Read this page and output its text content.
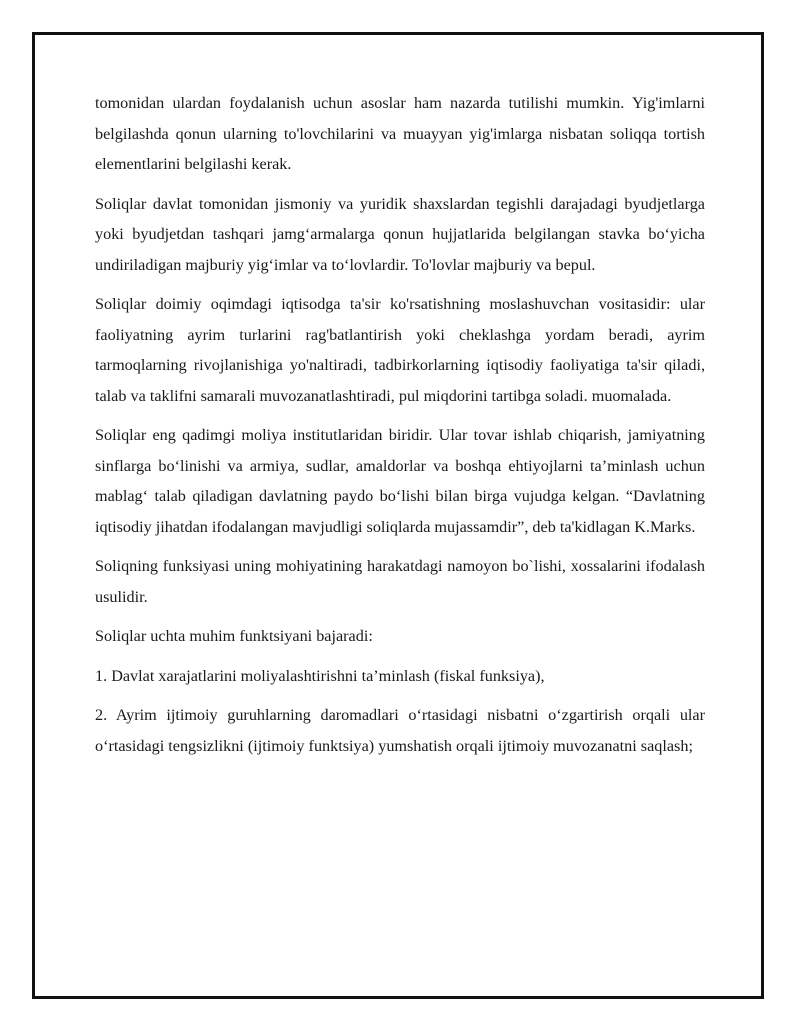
tomonidan ulardan foydalanish uchun asoslar ham nazarda tutilishi mumkin. Yig'imlarni belgilashda qonun ularning to'lovchilarini va muayyan yig'imlarga nisbatan soliqqa tortish elementlarini belgilashi kerak.

Soliqlar davlat tomonidan jismoniy va yuridik shaxslardan tegishli darajadagi byudjetlarga yoki byudjetdan tashqari jamg‘armalarga qonun hujjatlarida belgilangan stavka bo‘yicha undiriladigan majburiy yig‘imlar va to‘lovlardir. To'lovlar majburiy va bepul.

Soliqlar doimiy oqimdagi iqtisodga ta'sir ko'rsatishning moslashuvchan vositasidir: ular faoliyatning ayrim turlarini rag'batlantirish yoki cheklashga yordam beradi, ayrim tarmoqlarning rivojlanishiga yo'naltiradi, tadbirkorlarning iqtisodiy faoliyatiga ta'sir qiladi, talab va taklifni samarali muvozanatlashtiradi, pul miqdorini tartibga soladi. muomalada.

Soliqlar eng qadimgi moliya institutlaridan biridir. Ular tovar ishlab chiqarish, jamiyatning sinflarga bo‘linishi va armiya, sudlar, amaldorlar va boshqa ehtiyojlarni ta’minlash uchun mablag‘ talab qiladigan davlatning paydo bo‘lishi bilan birga vujudga kelgan. “Davlatning iqtisodiy jihatdan ifodalangan mavjudligi soliqlarda mujassamdir”, deb ta'kidlagan K.Marks.

Soliqning funksiyasi uning mohiyatining harakatdagi namoyon bo`lishi, xossalarini ifodalash usulidir.

Soliqlar uchta muhim funktsiyani bajaradi:

1. Davlat xarajatlarini moliyalashtirishni ta’minlash (fiskal funksiya),

2. Ayrim ijtimoiy guruhlarning daromadlari o‘rtasidagi nisbatni o‘zgartirish orqali ular o‘rtasidagi tengsizlikni (ijtimoiy funktsiya) yumshatish orqali ijtimoiy muvozanatni saqlash;
